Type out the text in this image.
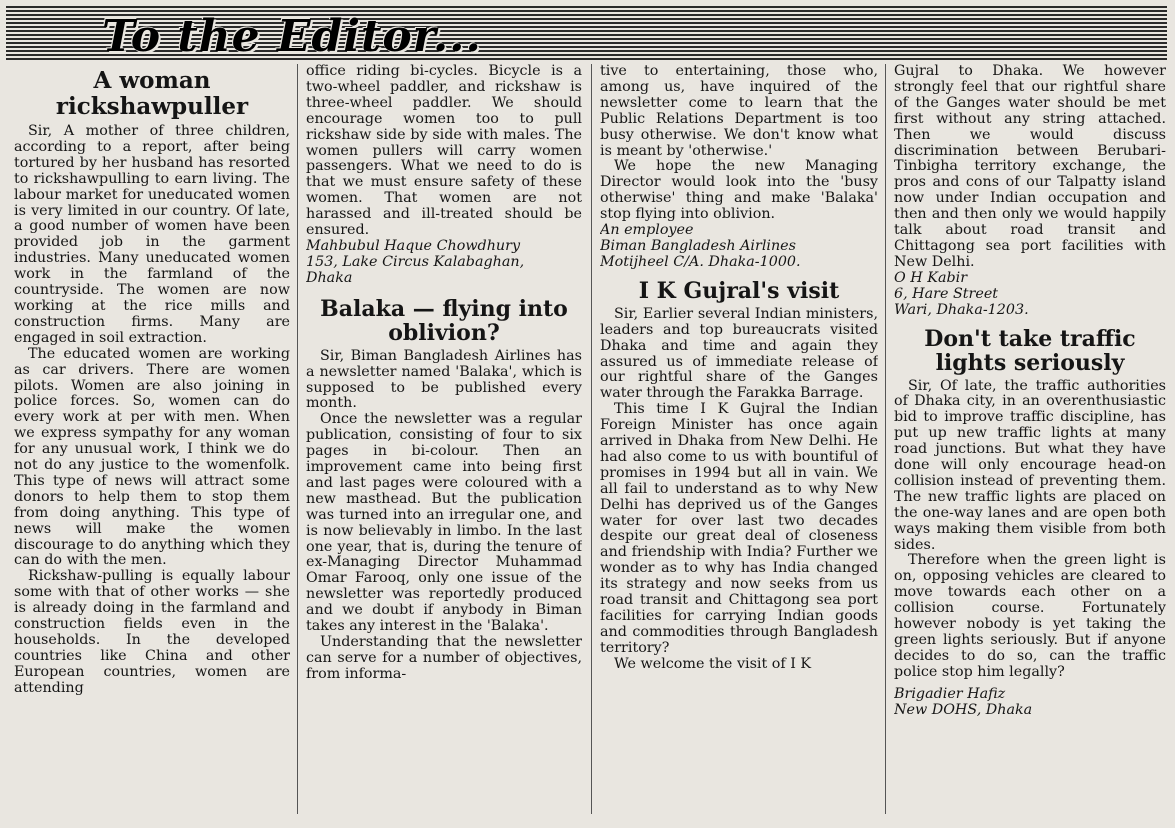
To the Editor...
A woman rickshawpuller

Sir, A mother of three children, according to a report, after being tortured by her husband has resorted to rickshawpulling to earn living. The labour market for uneducated women is very limited in our country. Of late, a good number of women have been provided job in the garment industries. Many uneducated women work in the farmland of the countryside. The women are now working at the rice mills and construction firms. Many are engaged in soil extraction.

The educated women are working as car drivers. There are women pilots. Women are also joining in police forces. So, women can do every work at per with men. When we express sympathy for any woman for any unusual work, I think we do not do any justice to the womenfolk. This type of news will attract some donors to help them to stop them from doing anything. This type of news will make the women discourage to do anything which they can do with the men.

Rickshaw-pulling is equally labour some with that of other works — she is already doing in the farmland and construction fields even in the households. In the developed countries like China and other European countries, women are attending

office riding bi-cycles. Bicycle is a two-wheel paddler, and rickshaw is three-wheel paddler. We should encourage women too to pull rickshaw side by side with males. The women pullers will carry women passengers. What we need to do is that we must ensure safety of these women. That women are not harassed and ill-treated should be ensured.

Mahbubul Haque Chowdhury

153, Lake Circus Kalabaghan,

Dhaka

Balaka — flying into oblivion?

Sir, Biman Bangladesh Airlines has a newsletter named 'Balaka', which is supposed to be published every month.

Once the newsletter was a regular publication, consisting of four to six pages in bi-colour. Then an improvement came into being first and last pages were coloured with a new masthead. But the publication was turned into an irregular one, and is now believably in limbo. In the last one year, that is, during the tenure of ex-Managing Director Muhammad Omar Farooq, only one issue of the newsletter was reportedly produced and we doubt if anybody in Biman takes any interest in the 'Balaka'.

Understanding that the newsletter can serve for a number of objectives, from informa-

tive to entertaining, those who, among us, have inquired of the newsletter come to learn that the Public Relations Department is too busy otherwise. We don't know what is meant by 'otherwise.'

We hope the new Managing Director would look into the 'busy otherwise' thing and make 'Balaka' stop flying into oblivion.

An employee

Biman Bangladesh Airlines

Motijheel C/A. Dhaka-1000.

I K Gujral's visit

Sir, Earlier several Indian ministers, leaders and top bureaucrats visited Dhaka and time and again they assured us of immediate release of our rightful share of the Ganges water through the Farakka Barrage.

This time I K Gujral the Indian Foreign Minister has once again arrived in Dhaka from New Delhi. He had also come to us with bountiful of promises in 1994 but all in vain. We all fail to understand as to why New Delhi has deprived us of the Ganges water for over last two decades despite our great deal of closeness and friendship with India? Further we wonder as to why has India changed its strategy and now seeks from us road transit and Chittagong sea port facilities for carrying Indian goods and commodities through Bangladesh territory?

We welcome the visit of I K

Gujral to Dhaka. We however strongly feel that our rightful share of the Ganges water should be met first without any string attached. Then we would discuss discrimination between Berubari-Tinbigha territory exchange, the pros and cons of our Talpatty island now under Indian occupation and then and then only we would happily talk about road transit and Chittagong sea port facilities with New Delhi.

O H Kabir

6, Hare Street

Wari, Dhaka-1203.

Don't take traffic lights seriously

Sir, Of late, the traffic authorities of Dhaka city, in an overenthusiastic bid to improve traffic discipline, has put up new traffic lights at many road junctions. But what they have done will only encourage head-on collision instead of preventing them. The new traffic lights are placed on the one-way lanes and are open both ways making them visible from both sides.

Therefore when the green light is on, opposing vehicles are cleared to move towards each other on a collision course. Fortunately however nobody is yet taking the green lights seriously. But if anyone decides to do so, can the traffic police stop him legally?

Brigadier Hafiz

New DOHS, Dhaka
